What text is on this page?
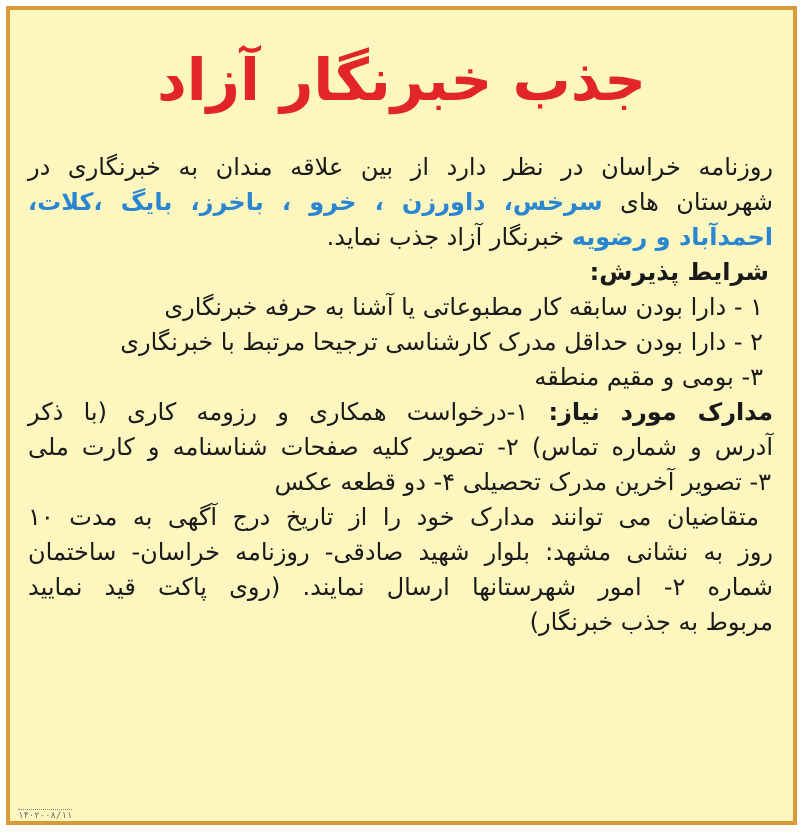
جذب خبرنگار آزاد
روزنامه خراسان در نظر دارد از بین علاقه مندان به خبرنگاری در
شهرستان های سرخس، داورزن ، خرو ، باخرز، بایگ ،کلات،
احمدآباد و رضویه خبرنگار آزاد جذب نماید.
شرایط پذیرش:
۱ - دارا بودن سابقه کار مطبوعاتی یا آشنا به حرفه خبرنگاری
۲ - دارا بودن حداقل مدرک کارشناسی ترجیحا مرتبط با خبرنگاری
۳- بومی و مقیم منطقه
مدارک مورد نیاز: ۱-درخواست همکاری و رزومه کاری (با ذکر
آدرس و شماره تماس) ۲- تصویر کلیه صفحات شناسنامه و کارت ملی
۳- تصویر آخرین مدرک تحصیلی ۴- دو قطعه عکس
متقاضیان می توانند مدارک خود را از تاریخ درج آگهی به مدت ۱۰
روز به نشانی مشهد: بلوار شهید صادقی- روزنامه خراسان- ساختمان
شماره ۲- امور شهرستانها ارسال نمایند. (روی پاکت قید نمایید
مربوط به جذب خبرنگار)
۱۴۰۲-۰۸/۱۱
